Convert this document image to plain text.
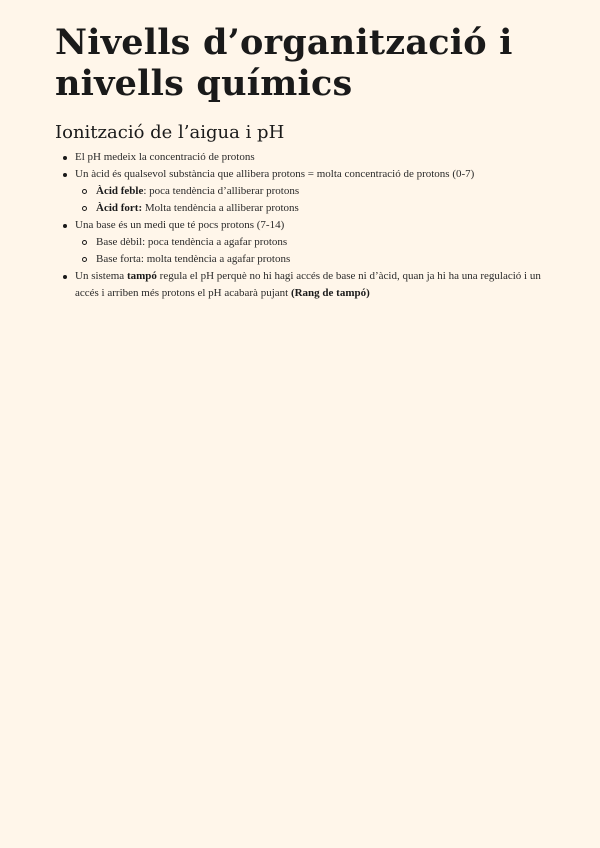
Nivells d’organització i nivells químics
Ionització de l’aigua i pH
El pH medeix la concentració de protons
Un àcid és qualsevol substància que allibera protons = molta concentració de protons (0-7)
Àcid feble: poca tendència d’alliberar protons
Àcid fort: Molta tendència a alliberar protons
Una base és un medi que té pocs protons (7-14)
Base dèbil: poca tendència a agafar protons
Base forta: molta tendència a agafar protons
Un sistema tampó regula el pH perquè no hi hagi accés de base ni d’àcid, quan ja hi ha una regulació i un accés i arriben més protons el pH acabarà pujant (Rang de tampó)
